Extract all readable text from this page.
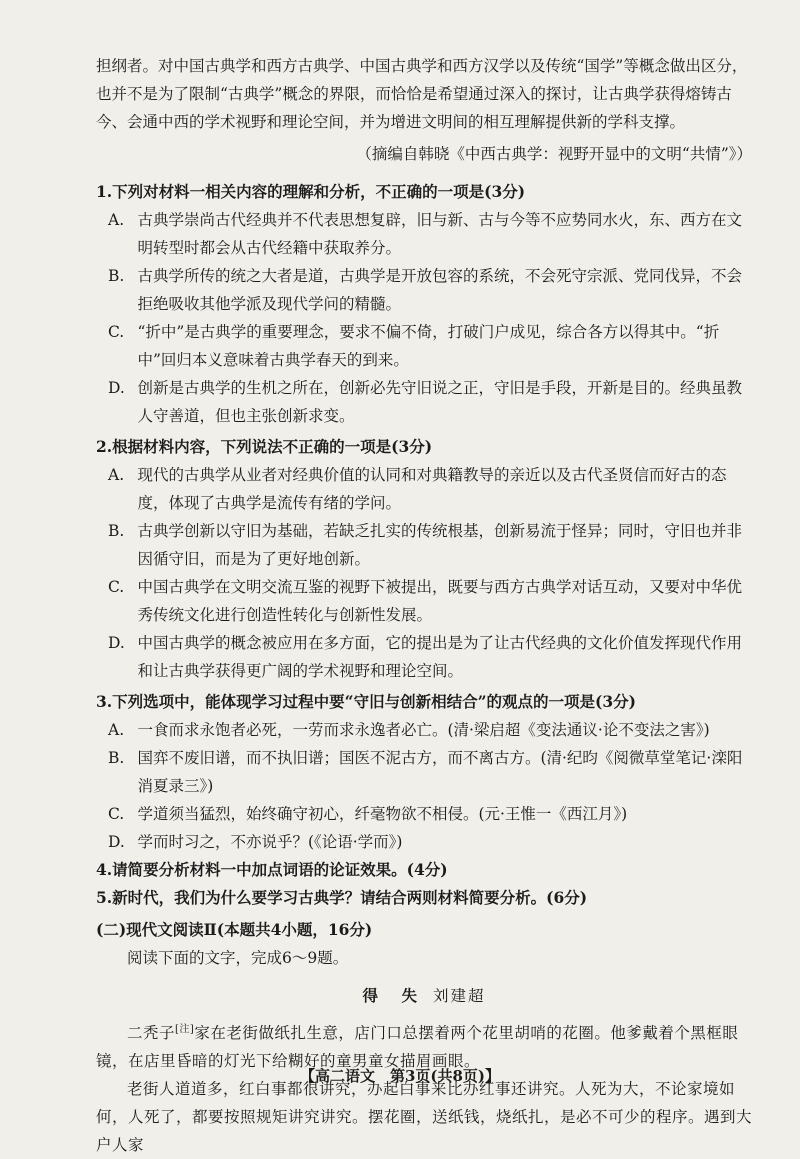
担纲者。对中国古典学和西方古典学、中国古典学和西方汉学以及传统“国学”等概念做出区分，也并不是为了限制“古典学”概念的界限，而恰恰是希望通过深入的探讨，让古典学获得熔铸古今、会通中西的学术视野和理论空间，并为增进文明间的相互理解提供新的学科支撑。

（摘编自韩晓《中西古典学：视野开显中的文明“共情”》）

1.下列对材料一相关内容的理解和分析，不正确的一项是(3分)

A. 古典学崇尚古代经典并不代表思想复辟，旧与新、古与今等不应势同水火，东、西方在文明转型时都会从古代经籍中获取养分。

B. 古典学所传的统之大者是道，古典学是开放包容的系统，不会死守宗派、党同伐异，不会拒绝吸收其他学派及现代学问的精髓。

C. “折中”是古典学的重要理念，要求不偏不倚，打破门户成见，综合各方以得其中。“折中”回归本义意味着古典学春天的到来。

D. 创新是古典学的生机之所在，创新必先守旧说之正，守旧是手段，开新是目的。经典虽教人守善道，但也主张创新求变。

2.根据材料内容，下列说法不正确的一项是(3分)

A. 现代的古典学从业者对经典价值的认同和对典籍教导的亲近以及古代圣贤信而好古的态度，体现了古典学是流传有绪的学问。

B. 古典学创新以守旧为基础，若缺乏扎实的传统根基，创新易流于怪异；同时，守旧也并非因循守旧，而是为了更好地创新。

C. 中国古典学在文明交流互鉴的视野下被提出，既要与西方古典学对话互动，又要对中华优秀传统文化进行创造性转化与创新性发展。

D. 中国古典学的概念被应用在多方面，它的提出是为了让古代经典的文化价值发挥现代作用和让古典学获得更广阔的学术视野和理论空间。

3.下列选项中，能体现学习过程中要“守旧与创新相结合”的观点的一项是(3分)

A. 一食而求永饱者必死，一劳而求永逸者必亡。(清·梁启超《变法通议·论不变法之害》)

B. 国弈不废旧谱，而不执旧谱；国医不泥古方，而不离古方。(清·纪昀《阅微草堂笔记·滦阳消夏录三》)

C. 学道须当猛烈，始终确守初心，纤毫物欲不相侵。(元·王惟一《西江月》)

D. 学而时习之，不亦说乎？(《论语·学而》)

4.请简要分析材料一中加点词语的论证效果。(4分)

5.新时代，我们为什么要学习古典学？请结合两则材料简要分析。(6分)

(二)现代文阅读Ⅱ(本题共4小题，16分)

阅读下面的文字，完成6～9题。

得　失 刘建超

二秃子[注]家在老街做纸扎生意，店门口总摆着两个花里胡哨的花圈。他爹戴着个黑框眼镜，在店里昏暗的灯光下给糊好的童男童女描眉画眼。

老街人道道多，红白事都很讲究，办起白事来比办红事还讲究。人死为大，不论家境如何，人死了，都要按照规矩讲究讲究。摆花圈，送纸钱，烧纸扎，是必不可少的程序。遇到大户人家

【高二语文　第3页(共8页)】
